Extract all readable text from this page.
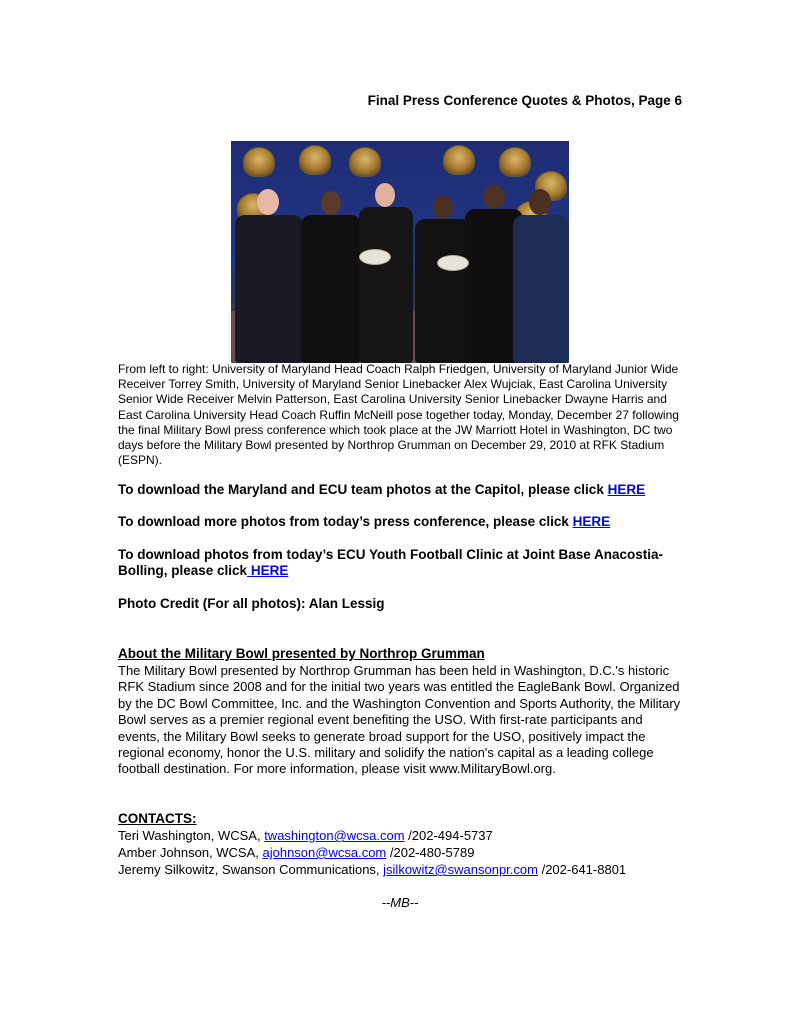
Final Press Conference Quotes & Photos, Page 6
From left to right: University of Maryland Head Coach Ralph Friedgen, University of Maryland Junior Wide Receiver Torrey Smith, University of Maryland Senior Linebacker Alex Wujciak, East Carolina University Senior Wide Receiver Melvin Patterson, East Carolina University Senior Linebacker Dwayne Harris and East Carolina University Head Coach Ruffin McNeill pose together today, Monday, December 27 following the final Military Bowl press conference which took place at the JW Marriott Hotel in Washington, DC two days before the Military Bowl presented by Northrop Grumman on December 29, 2010 at RFK Stadium (ESPN).
To download the Maryland and ECU team photos at the Capitol, please click HERE
To download more photos from today’s press conference, please click HERE
To download photos from today’s ECU Youth Football Clinic at Joint Base Anacostia-Bolling, please click HERE
Photo Credit (For all photos): Alan Lessig
About the Military Bowl presented by Northrop Grumman
The Military Bowl presented by Northrop Grumman has been held in Washington, D.C.'s historic RFK Stadium since 2008 and for the initial two years was entitled the EagleBank Bowl. Organized by the DC Bowl Committee, Inc. and the Washington Convention and Sports Authority, the Military Bowl serves as a premier regional event benefiting the USO. With first-rate participants and events, the Military Bowl seeks to generate broad support for the USO, positively impact the regional economy, honor the U.S. military and solidify the nation's capital as a leading college football destination. For more information, please visit www.MilitaryBowl.org.
CONTACTS:
Teri Washington, WCSA, twashington@wcsa.com /202-494-5737
Amber Johnson, WCSA, ajohnson@wcsa.com /202-480-5789
Jeremy Silkowitz, Swanson Communications, jsilkowitz@swansonpr.com /202-641-8801
--MB--
